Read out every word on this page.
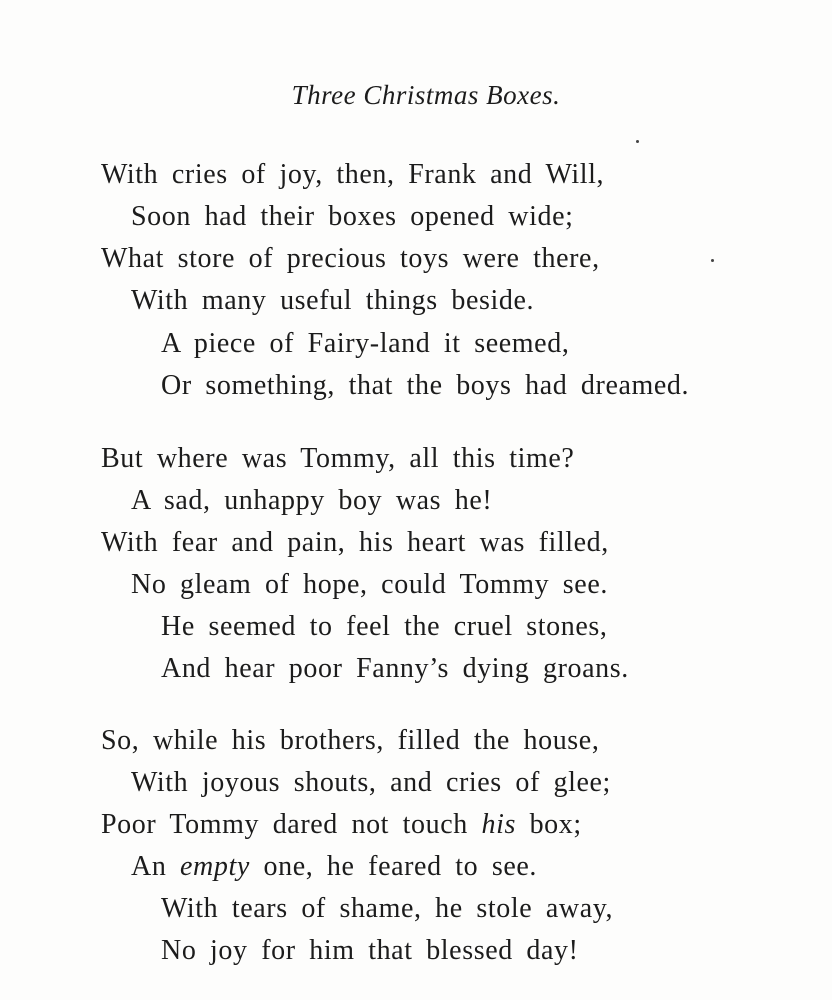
Three Christmas Boxes.
With cries of joy, then, Frank and Will,
Soon had their boxes opened wide;
What store of precious toys were there,
With many useful things beside.
A piece of Fairy-land it seemed,
Or something, that the boys had dreamed.
But where was Tommy, all this time?
A sad, unhappy boy was he!
With fear and pain, his heart was filled,
No gleam of hope, could Tommy see.
He seemed to feel the cruel stones,
And hear poor Fanny’s dying groans.
So, while his brothers, filled the house,
With joyous shouts, and cries of glee;
Poor Tommy dared not touch his box;
An empty one, he feared to see.
With tears of shame, he stole away,
No joy for him that blessed day!
